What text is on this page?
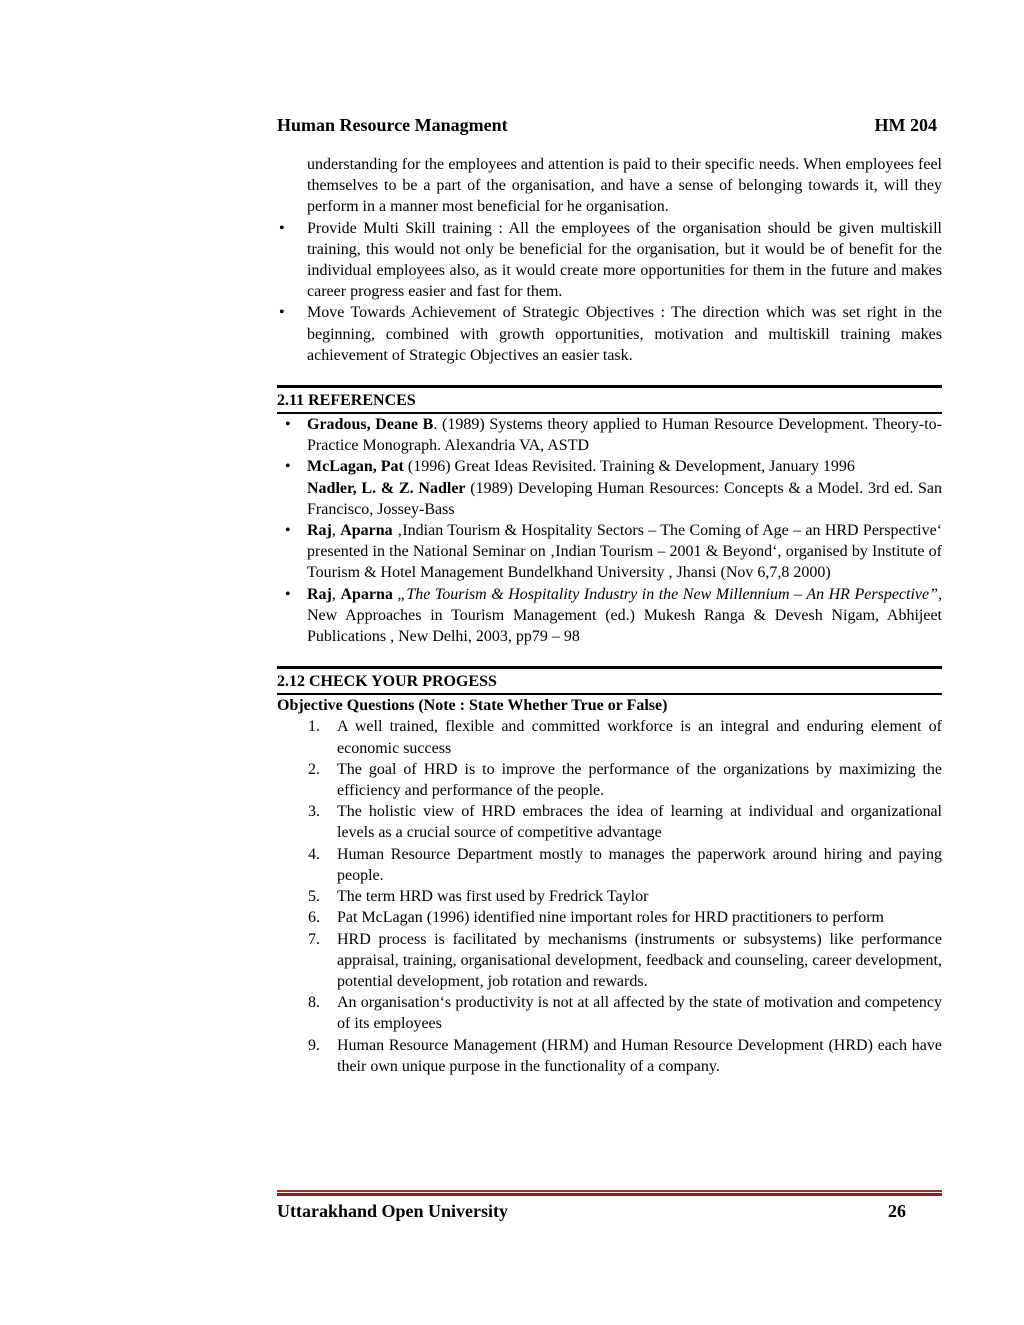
Human Resource Managment	HM 204

understanding for the employees and attention is paid to their specific needs. When employees feel themselves to be a part of the organisation, and have a sense of belonging towards it, will they perform in a manner most beneficial for he organisation.

• Provide Multi Skill training : All the employees of the organisation should be given multiskill training, this would not only be beneficial for the organisation, but it would be of benefit for the individual employees also, as it would create more opportunities for them in the future and makes career progress easier and fast for them.
• Move Towards Achievement of Strategic Objectives : The direction which was set right in the beginning, combined with growth opportunities, motivation and multiskill training makes achievement of Strategic Objectives an easier task.
2.11 REFERENCES
• Gradous, Deane B. (1989) Systems theory applied to Human Resource Development. Theory-to-Practice Monograph. Alexandria VA, ASTD
• McLagan, Pat (1996) Great Ideas Revisited. Training & Development, January 1996
Nadler, L. & Z. Nadler (1989) Developing Human Resources: Concepts & a Model. 3rd ed. San Francisco, Jossey-Bass
• Raj, Aparna ‚Indian Tourism & Hospitality Sectors – The Coming of Age – an HRD Perspective‘ presented in the National Seminar on ‚Indian Tourism – 2001 & Beyond‘, organised by Institute of Tourism & Hotel Management Bundelkhand University , Jhansi (Nov 6,7,8 2000)
• Raj, Aparna „The Tourism & Hospitality Industry in the New Millennium – An HR Perspective”, New Approaches in Tourism Management (ed.) Mukesh Ranga & Devesh Nigam, Abhijeet Publications , New Delhi, 2003, pp79 – 98
2.12 CHECK YOUR PROGESS
Objective Questions (Note : State Whether True or False)
1. A well trained, flexible and committed workforce is an integral and enduring element of economic success
2. The goal of HRD is to improve the performance of the organizations by maximizing the efficiency and performance of the people.
3. The holistic view of HRD embraces the idea of learning at individual and organizational levels as a crucial source of competitive advantage
4. Human Resource Department mostly to manages the paperwork around hiring and paying people.
5. The term HRD was first used by Fredrick Taylor
6. Pat McLagan (1996) identified nine important roles for HRD practitioners to perform
7. HRD process is facilitated by mechanisms (instruments or subsystems) like performance appraisal, training, organisational development, feedback and counseling, career development, potential development, job rotation and rewards.
8. An organisation‘s productivity is not at all affected by the state of motivation and competency of its employees
9. Human Resource Management (HRM) and Human Resource Development (HRD) each have their own unique purpose in the functionality of a company.
Uttarakhand Open University	26
